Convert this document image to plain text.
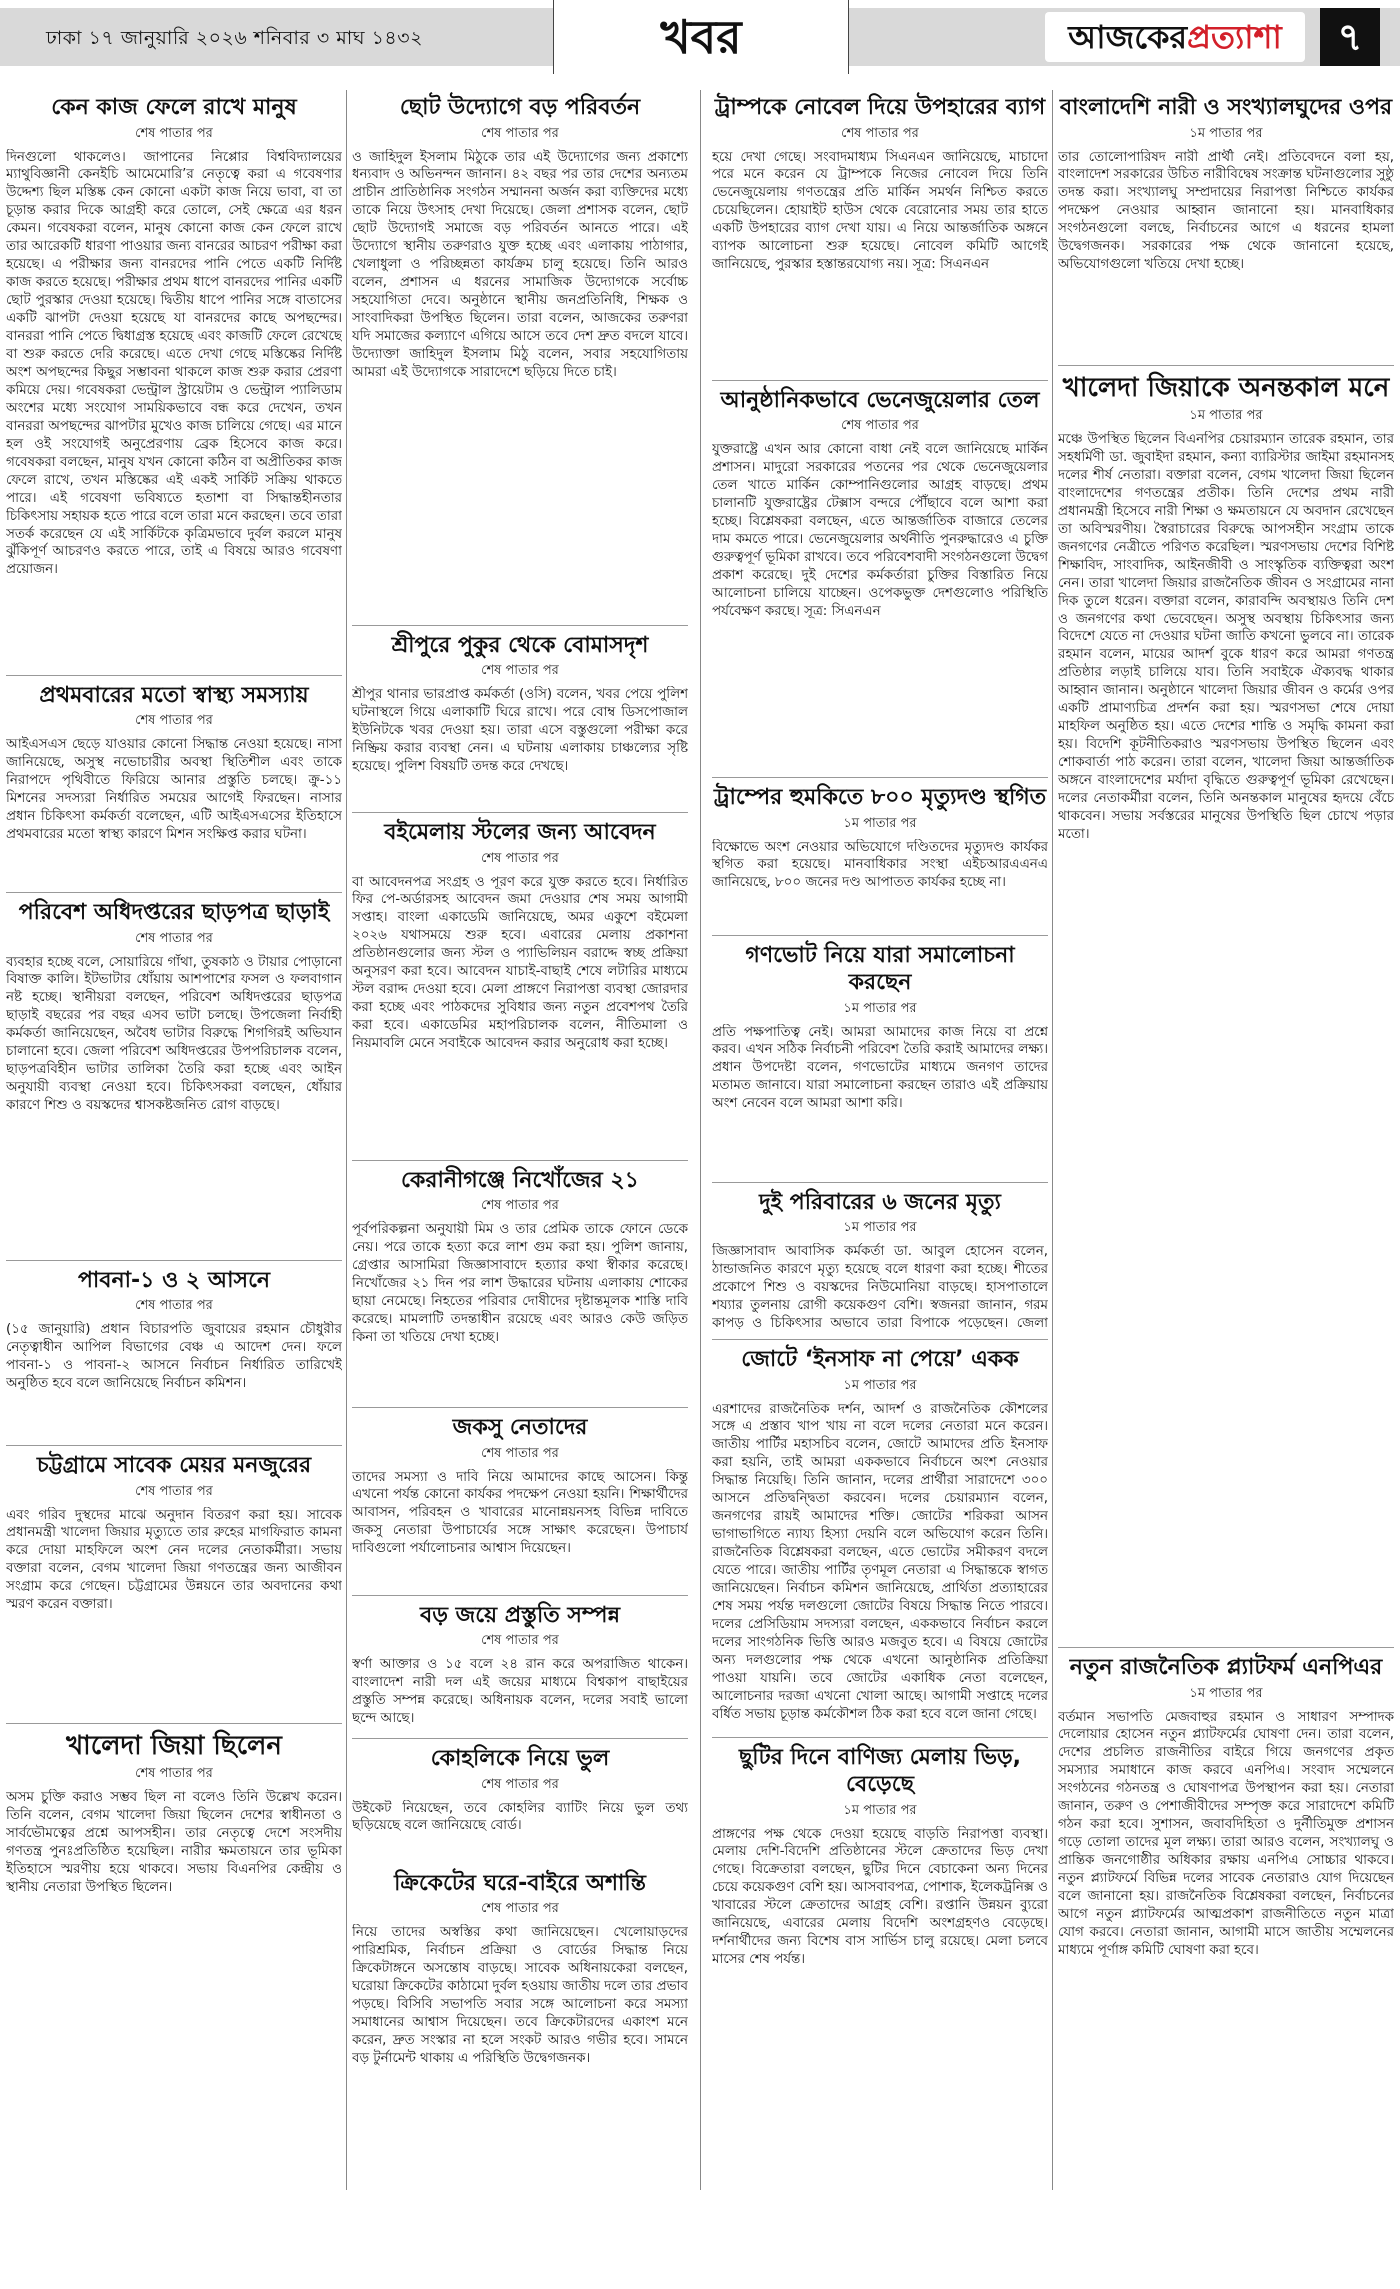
ঢাকা ১৭ জানুয়ারি ২০২৬ শনিবার ৩ মাঘ ১৪৩২	খবর	আজকেরপ্রত্যাশা	৭
কেন কাজ ফেলে রাখে মানুষ
শেষ পাতার পর

দিনগুলো থাকলেও। জাপানের নিপ্পোর বিশ্ববিদ্যালয়ের ম্যাথুবিজ্ঞানী কেনইচি আমেমোরি’র নেতৃত্বে করা এ গবেষণার উদ্দেশ্য ছিল মস্তিষ্ক কেন কোনো একটা কাজ নিয়ে ভাবা, বা তা চূড়ান্ত করার দিকে আগ্রহী করে তোলে, সেই ক্ষেত্রে এর ধরন কেমন। গবেষকরা বলেন, মানুষ কোনো কাজ কেন ফেলে রাখে তার আরেকটি ধারণা পাওয়ার জন্য বানরের আচরণ পরীক্ষা করা হয়েছে। এ পরীক্ষার জন্য বানরদের পানি পেতে একটি নির্দিষ্ট কাজ করতে হয়েছে। পরীক্ষার প্রথম ধাপে বানরদের পানির একটি ছোট পুরস্কার দেওয়া হয়েছে। দ্বিতীয় ধাপে পানির সঙ্গে বাতাসের একটি ঝাপটা দেওয়া হয়েছে যা বানরদের কাছে অপছন্দের। বানররা পানি পেতে দ্বিধাগ্রস্ত হয়েছে এবং কাজটি ফেলে রেখেছে বা শুরু করতে দেরি করেছে। এতে দেখা গেছে মস্তিষ্কের নির্দিষ্ট অংশ অপছন্দের কিছুর সম্ভাবনা থাকলে কাজ শুরু করার প্রেরণা কমিয়ে দেয়। গবেষকরা ভেন্ট্রাল স্ট্রায়েটাম ও ভেন্ট্রাল প্যালিডাম অংশের মধ্যে সংযোগ সাময়িকভাবে বন্ধ করে দেখেন, তখন বানররা অপছন্দের ঝাপটার মুখেও কাজ চালিয়ে গেছে। এর মানে হল ওই সংযোগই অনুপ্রেরণায় ব্রেক হিসেবে কাজ করে। গবেষকরা বলছেন, মানুষ যখন কোনো কঠিন বা অপ্রীতিকর কাজ ফেলে রাখে, তখন মস্তিষ্কের এই একই সার্কিট সক্রিয় থাকতে পারে। এই গবেষণা ভবিষ্যতে হতাশা বা সিদ্ধান্তহীনতার চিকিৎসায় সহায়ক হতে পারে বলে তারা মনে করছেন। তবে তারা সতর্ক করেছেন যে এই সার্কিটকে কৃত্রিমভাবে দুর্বল করলে মানুষ ঝুঁকিপূর্ণ আচরণও করতে পারে, তাই এ বিষয়ে আরও গবেষণা প্রয়োজন।

প্রথমবারের মতো স্বাস্থ্য সমস্যায়
শেষ পাতার পর

আইএসএস ছেড়ে যাওয়ার কোনো সিদ্ধান্ত নেওয়া হয়েছে। নাসা জানিয়েছে, অসুস্থ নভোচারীর অবস্থা স্থিতিশীল এবং তাকে নিরাপদে পৃথিবীতে ফিরিয়ে আনার প্রস্তুতি চলছে। ক্রু-১১ মিশনের সদস্যরা নির্ধারিত সময়ের আগেই ফিরছেন। নাসার প্রধান চিকিৎসা কর্মকর্তা বলেছেন, এটি আইএসএসের ইতিহাসে প্রথমবারের মতো স্বাস্থ্য কারণে মিশন সংক্ষিপ্ত করার ঘটনা।

পরিবেশ অধিদপ্তরের ছাড়পত্র ছাড়াই
শেষ পাতার পর

ব্যবহার হচ্ছে বলে, সোয়ারিয়ে গাঁথা, তুষকাঠ ও টায়ার পোড়ানো বিষাক্ত কালি। ইটভাটার ধোঁয়ায় আশপাশের ফসল ও ফলবাগান নষ্ট হচ্ছে। স্থানীয়রা বলছেন, পরিবেশ অধিদপ্তরের ছাড়পত্র ছাড়াই বছরের পর বছর এসব ভাটা চলছে। উপজেলা নির্বাহী কর্মকর্তা জানিয়েছেন, অবৈধ ভাটার বিরুদ্ধে শিগগিরই অভিযান চালানো হবে। জেলা পরিবেশ অধিদপ্তরের উপপরিচালক বলেন, ছাড়পত্রবিহীন ভাটার তালিকা তৈরি করা হচ্ছে এবং আইন অনুযায়ী ব্যবস্থা নেওয়া হবে। চিকিৎসকরা বলছেন, ধোঁয়ার কারণে শিশু ও বয়স্কদের শ্বাসকষ্টজনিত রোগ বাড়ছে।

পাবনা-১ ও ২ আসনে
শেষ পাতার পর

(১৫ জানুয়ারি) প্রধান বিচারপতি জুবায়ের রহমান চৌধুরীর নেতৃত্বাধীন আপিল বিভাগের বেঞ্চ এ আদেশ দেন। ফলে পাবনা-১ ও পাবনা-২ আসনে নির্বাচন নির্ধারিত তারিখেই অনুষ্ঠিত হবে বলে জানিয়েছে নির্বাচন কমিশন।

চট্টগ্রামে সাবেক মেয়র মনজুরের
শেষ পাতার পর

এবং গরিব দুস্থদের মাঝে অনুদান বিতরণ করা হয়। সাবেক প্রধানমন্ত্রী খালেদা জিয়ার মৃত্যুতে তার রুহের মাগফিরাত কামনা করে দোয়া মাহফিলে অংশ নেন দলের নেতাকর্মীরা। সভায় বক্তারা বলেন, বেগম খালেদা জিয়া গণতন্ত্রের জন্য আজীবন সংগ্রাম করে গেছেন। চট্টগ্রামের উন্নয়নে তার অবদানের কথা স্মরণ করেন বক্তারা।

খালেদা জিয়া ছিলেন
শেষ পাতার পর

অসম চুক্তি করাও সম্ভব ছিল না বলেও তিনি উল্লেখ করেন। তিনি বলেন, বেগম খালেদা জিয়া ছিলেন দেশের স্বাধীনতা ও সার্বভৌমত্বের প্রশ্নে আপসহীন। তার নেতৃত্বে দেশে সংসদীয় গণতন্ত্র পুনঃপ্রতিষ্ঠিত হয়েছিল। নারীর ক্ষমতায়নে তার ভূমিকা ইতিহাসে স্মরণীয় হয়ে থাকবে। সভায় বিএনপির কেন্দ্রীয় ও স্থানীয় নেতারা উপস্থিত ছিলেন।

ছোট উদ্যোগে বড় পরিবর্তন
শেষ পাতার পর

ও জাহিদুল ইসলাম মিঠুকে তার এই উদ্যোগের জন্য প্রকাশ্যে ধন্যবাদ ও অভিনন্দন জানান। ৪২ বছর পর তার দেশের অন্যতম প্রাচীন প্রাতিষ্ঠানিক সংগঠন সম্মাননা অর্জন করা ব্যক্তিদের মধ্যে তাকে নিয়ে উৎসাহ দেখা দিয়েছে। জেলা প্রশাসক বলেন, ছোট ছোট উদ্যোগই সমাজে বড় পরিবর্তন আনতে পারে। এই উদ্যোগে স্থানীয় তরুণরাও যুক্ত হচ্ছে এবং এলাকায় পাঠাগার, খেলাধুলা ও পরিচ্ছন্নতা কার্যক্রম চালু হয়েছে। তিনি আরও বলেন, প্রশাসন এ ধরনের সামাজিক উদ্যোগকে সর্বোচ্চ সহযোগিতা দেবে। অনুষ্ঠানে স্থানীয় জনপ্রতিনিধি, শিক্ষক ও সাংবাদিকরা উপস্থিত ছিলেন। তারা বলেন, আজকের তরুণরা যদি সমাজের কল্যাণে এগিয়ে আসে তবে দেশ দ্রুত বদলে যাবে। উদ্যোক্তা জাহিদুল ইসলাম মিঠু বলেন, সবার সহযোগিতায় আমরা এই উদ্যোগকে সারাদেশে ছড়িয়ে দিতে চাই।

শ্রীপুরে পুকুর থেকে বোমাসদৃশ
শেষ পাতার পর

শ্রীপুর থানার ভারপ্রাপ্ত কর্মকর্তা (ওসি) বলেন, খবর পেয়ে পুলিশ ঘটনাস্থলে গিয়ে এলাকাটি ঘিরে রাখে। পরে বোম্ব ডিসপোজাল ইউনিটকে খবর দেওয়া হয়। তারা এসে বস্তুগুলো পরীক্ষা করে নিষ্ক্রিয় করার ব্যবস্থা নেন। এ ঘটনায় এলাকায় চাঞ্চল্যের সৃষ্টি হয়েছে। পুলিশ বিষয়টি তদন্ত করে দেখছে।

বইমেলায় স্টলের জন্য আবেদন
শেষ পাতার পর

বা আবেদনপত্র সংগ্রহ ও পূরণ করে যুক্ত করতে হবে। নির্ধারিত ফির পে-অর্ডারসহ আবেদন জমা দেওয়ার শেষ সময় আগামী সপ্তাহ। বাংলা একাডেমি জানিয়েছে, অমর একুশে বইমেলা ২০২৬ যথাসময়ে শুরু হবে। এবারের মেলায় প্রকাশনা প্রতিষ্ঠানগুলোর জন্য স্টল ও প্যাভিলিয়ন বরাদ্দে স্বচ্ছ প্রক্রিয়া অনুসরণ করা হবে। আবেদন যাচাই-বাছাই শেষে লটারির মাধ্যমে স্টল বরাদ্দ দেওয়া হবে। মেলা প্রাঙ্গণে নিরাপত্তা ব্যবস্থা জোরদার করা হচ্ছে এবং পাঠকদের সুবিধার জন্য নতুন প্রবেশপথ তৈরি করা হবে। একাডেমির মহাপরিচালক বলেন, নীতিমালা ও নিয়মাবলি মেনে সবাইকে আবেদন করার অনুরোধ করা হচ্ছে।

কেরানীগঞ্জে নিখোঁজের ২১
শেষ পাতার পর

পূর্বপরিকল্পনা অনুযায়ী মিম ও তার প্রেমিক তাকে ফোনে ডেকে নেয়। পরে তাকে হত্যা করে লাশ গুম করা হয়। পুলিশ জানায়, গ্রেপ্তার আসামিরা জিজ্ঞাসাবাদে হত্যার কথা স্বীকার করেছে। নিখোঁজের ২১ দিন পর লাশ উদ্ধারের ঘটনায় এলাকায় শোকের ছায়া নেমেছে। নিহতের পরিবার দোষীদের দৃষ্টান্তমূলক শাস্তি দাবি করেছে। মামলাটি তদন্তাধীন রয়েছে এবং আরও কেউ জড়িত কিনা তা খতিয়ে দেখা হচ্ছে।

জকসু নেতাদের
শেষ পাতার পর

তাদের সমস্যা ও দাবি নিয়ে আমাদের কাছে আসেন। কিন্তু এখনো পর্যন্ত কোনো কার্যকর পদক্ষেপ নেওয়া হয়নি। শিক্ষার্থীদের আবাসন, পরিবহন ও খাবারের মানোন্নয়নসহ বিভিন্ন দাবিতে জকসু নেতারা উপাচার্যের সঙ্গে সাক্ষাৎ করেছেন। উপাচার্য দাবিগুলো পর্যালোচনার আশ্বাস দিয়েছেন।

বড় জয়ে প্রস্তুতি সম্পন্ন
শেষ পাতার পর

স্বর্ণা আক্তার ও ১৫ বলে ২৪ রান করে অপরাজিত থাকেন। বাংলাদেশ নারী দল এই জয়ের মাধ্যমে বিশ্বকাপ বাছাইয়ের প্রস্তুতি সম্পন্ন করেছে। অধিনায়ক বলেন, দলের সবাই ভালো ছন্দে আছে।

কোহলিকে নিয়ে ভুল
শেষ পাতার পর

উইকেট নিয়েছেন, তবে কোহলির ব্যাটিং নিয়ে ভুল তথ্য ছড়িয়েছে বলে জানিয়েছে বোর্ড।

ক্রিকেটের ঘরে-বাইরে অশান্তি
শেষ পাতার পর

নিয়ে তাদের অস্বস্তির কথা জানিয়েছেন। খেলোয়াড়দের পারিশ্রমিক, নির্বাচন প্রক্রিয়া ও বোর্ডের সিদ্ধান্ত নিয়ে ক্রিকেটাঙ্গনে অসন্তোষ বাড়ছে। সাবেক অধিনায়কেরা বলছেন, ঘরোয়া ক্রিকেটের কাঠামো দুর্বল হওয়ায় জাতীয় দলে তার প্রভাব পড়ছে। বিসিবি সভাপতি সবার সঙ্গে আলোচনা করে সমস্যা সমাধানের আশ্বাস দিয়েছেন। তবে ক্রিকেটারদের একাংশ মনে করেন, দ্রুত সংস্কার না হলে সংকট আরও গভীর হবে। সামনে বড় টুর্নামেন্ট থাকায় এ পরিস্থিতি উদ্বেগজনক।

ট্রাম্পকে নোবেল দিয়ে উপহারের ব্যাগ
শেষ পাতার পর

হয়ে দেখা গেছে। সংবাদমাধ্যম সিএনএন জানিয়েছে, মাচাদো পরে মনে করেন যে ট্রাম্পকে নিজের নোবেল দিয়ে তিনি ভেনেজুয়েলায় গণতন্ত্রের প্রতি মার্কিন সমর্থন নিশ্চিত করতে চেয়েছিলেন। হোয়াইট হাউস থেকে বেরোনোর সময় তার হাতে একটি উপহারের ব্যাগ দেখা যায়। এ নিয়ে আন্তর্জাতিক অঙ্গনে ব্যাপক আলোচনা শুরু হয়েছে। নোবেল কমিটি আগেই জানিয়েছে, পুরস্কার হস্তান্তরযোগ্য নয়। সূত্র: সিএনএন

আনুষ্ঠানিকভাবে ভেনেজুয়েলার তেল
শেষ পাতার পর

যুক্তরাষ্ট্রে এখন আর কোনো বাধা নেই বলে জানিয়েছে মার্কিন প্রশাসন। মাদুরো সরকারের পতনের পর থেকে ভেনেজুয়েলার তেল খাতে মার্কিন কোম্পানিগুলোর আগ্রহ বাড়ছে। প্রথম চালানটি যুক্তরাষ্ট্রের টেক্সাস বন্দরে পৌঁছাবে বলে আশা করা হচ্ছে। বিশ্লেষকরা বলছেন, এতে আন্তর্জাতিক বাজারে তেলের দাম কমতে পারে। ভেনেজুয়েলার অর্থনীতি পুনরুদ্ধারেও এ চুক্তি গুরুত্বপূর্ণ ভূমিকা রাখবে। তবে পরিবেশবাদী সংগঠনগুলো উদ্বেগ প্রকাশ করেছে। দুই দেশের কর্মকর্তারা চুক্তির বিস্তারিত নিয়ে আলোচনা চালিয়ে যাচ্ছেন। ওপেকভুক্ত দেশগুলোও পরিস্থিতি পর্যবেক্ষণ করছে। সূত্র: সিএনএন

ট্রাম্পের হুমকিতে ৮০০ মৃত্যুদণ্ড স্থগিত
১ম পাতার পর

বিক্ষোভে অংশ নেওয়ার অভিযোগে দণ্ডিতদের মৃত্যুদণ্ড কার্যকর স্থগিত করা হয়েছে। মানবাধিকার সংস্থা এইচআরএএনএ জানিয়েছে, ৮০০ জনের দণ্ড আপাতত কার্যকর হচ্ছে না।

গণভোট নিয়ে যারা সমালোচনা করছেন
১ম পাতার পর

প্রতি পক্ষপাতিত্ব নেই। আমরা আমাদের কাজ নিয়ে বা প্রশ্নে করব। এখন সঠিক নির্বাচনী পরিবেশ তৈরি করাই আমাদের লক্ষ্য। প্রধান উপদেষ্টা বলেন, গণভোটের মাধ্যমে জনগণ তাদের মতামত জানাবে। যারা সমালোচনা করছেন তারাও এই প্রক্রিয়ায় অংশ নেবেন বলে আমরা আশা করি।

দুই পরিবারের ৬ জনের মৃত্যু
১ম পাতার পর

জিজ্ঞাসাবাদ আবাসিক কর্মকর্তা ডা. আবুল হোসেন বলেন, ঠান্ডাজনিত কারণে মৃত্যু হয়েছে বলে ধারণা করা হচ্ছে। শীতের প্রকোপে শিশু ও বয়স্কদের নিউমোনিয়া বাড়ছে। হাসপাতালে শয্যার তুলনায় রোগী কয়েকগুণ বেশি। স্বজনরা জানান, গরম কাপড় ও চিকিৎসার অভাবে তারা বিপাকে পড়েছেন। জেলা

জোটে ‘ইনসাফ না পেয়ে’ একক
১ম পাতার পর

এরশাদের রাজনৈতিক দর্শন, আদর্শ ও রাজনৈতিক কৌশলের সঙ্গে এ প্রস্তাব খাপ খায় না বলে দলের নেতারা মনে করেন। জাতীয় পার্টির মহাসচিব বলেন, জোটে আমাদের প্রতি ইনসাফ করা হয়নি, তাই আমরা এককভাবে নির্বাচনে অংশ নেওয়ার সিদ্ধান্ত নিয়েছি। তিনি জানান, দলের প্রার্থীরা সারাদেশে ৩০০ আসনে প্রতিদ্বন্দ্বিতা করবেন। দলের চেয়ারম্যান বলেন, জনগণের রায়ই আমাদের শক্তি। জোটের শরিকরা আসন ভাগাভাগিতে ন্যায্য হিস্যা দেয়নি বলে অভিযোগ করেন তিনি। রাজনৈতিক বিশ্লেষকরা বলছেন, এতে ভোটের সমীকরণ বদলে যেতে পারে। জাতীয় পার্টির তৃণমূল নেতারা এ সিদ্ধান্তকে স্বাগত জানিয়েছেন। নির্বাচন কমিশন জানিয়েছে, প্রার্থিতা প্রত্যাহারের শেষ সময় পর্যন্ত দলগুলো জোটের বিষয়ে সিদ্ধান্ত নিতে পারবে। দলের প্রেসিডিয়াম সদস্যরা বলছেন, এককভাবে নির্বাচন করলে দলের সাংগঠনিক ভিত্তি আরও মজবুত হবে। এ বিষয়ে জোটের অন্য দলগুলোর পক্ষ থেকে এখনো আনুষ্ঠানিক প্রতিক্রিয়া পাওয়া যায়নি। তবে জোটের একাধিক নেতা বলেছেন, আলোচনার দরজা এখনো খোলা আছে। আগামী সপ্তাহে দলের বর্ধিত সভায় চূড়ান্ত কর্মকৌশল ঠিক করা হবে বলে জানা গেছে।

ছুটির দিনে বাণিজ্য মেলায় ভিড়, বেড়েছে
১ম পাতার পর

প্রাঙ্গণের পক্ষ থেকে দেওয়া হয়েছে বাড়তি নিরাপত্তা ব্যবস্থা। মেলায় দেশি-বিদেশি প্রতিষ্ঠানের স্টলে ক্রেতাদের ভিড় দেখা গেছে। বিক্রেতারা বলছেন, ছুটির দিনে বেচাকেনা অন্য দিনের চেয়ে কয়েকগুণ বেশি হয়। আসবাবপত্র, পোশাক, ইলেকট্রনিক্স ও খাবারের স্টলে ক্রেতাদের আগ্রহ বেশি। রপ্তানি উন্নয়ন ব্যুরো জানিয়েছে, এবারের মেলায় বিদেশি অংশগ্রহণও বেড়েছে। দর্শনার্থীদের জন্য বিশেষ বাস সার্ভিস চালু রয়েছে। মেলা চলবে মাসের শেষ পর্যন্ত।

বাংলাদেশি নারী ও সংখ্যালঘুদের ওপর
১ম পাতার পর

তার তোলোপারিষদ নারী প্রার্থী নেই। প্রতিবেদনে বলা হয়, বাংলাদেশ সরকারের উচিত নারীবিদ্বেষ সংক্রান্ত ঘটনাগুলোর সুষ্ঠু তদন্ত করা। সংখ্যালঘু সম্প্রদায়ের নিরাপত্তা নিশ্চিতে কার্যকর পদক্ষেপ নেওয়ার আহ্বান জানানো হয়। মানবাধিকার সংগঠনগুলো বলছে, নির্বাচনের আগে এ ধরনের হামলা উদ্বেগজনক। সরকারের পক্ষ থেকে জানানো হয়েছে, অভিযোগগুলো খতিয়ে দেখা হচ্ছে।

খালেদা জিয়াকে অনন্তকাল মনে
১ম পাতার পর

মঞ্চে উপস্থিত ছিলেন বিএনপির চেয়ারম্যান তারেক রহমান, তার সহধর্মিণী ডা. জুবাইদা রহমান, কন্যা ব্যারিস্টার জাইমা রহমানসহ দলের শীর্ষ নেতারা। বক্তারা বলেন, বেগম খালেদা জিয়া ছিলেন বাংলাদেশের গণতন্ত্রের প্রতীক। তিনি দেশের প্রথম নারী প্রধানমন্ত্রী হিসেবে নারী শিক্ষা ও ক্ষমতায়নে যে অবদান রেখেছেন তা অবিস্মরণীয়। স্বৈরাচারের বিরুদ্ধে আপসহীন সংগ্রাম তাকে জনগণের নেত্রীতে পরিণত করেছিল। স্মরণসভায় দেশের বিশিষ্ট শিক্ষাবিদ, সাংবাদিক, আইনজীবী ও সাংস্কৃতিক ব্যক্তিত্বরা অংশ নেন। তারা খালেদা জিয়ার রাজনৈতিক জীবন ও সংগ্রামের নানা দিক তুলে ধরেন। বক্তারা বলেন, কারাবন্দি অবস্থায়ও তিনি দেশ ও জনগণের কথা ভেবেছেন। অসুস্থ অবস্থায় চিকিৎসার জন্য বিদেশে যেতে না দেওয়ার ঘটনা জাতি কখনো ভুলবে না। তারেক রহমান বলেন, মায়ের আদর্শ বুকে ধারণ করে আমরা গণতন্ত্র প্রতিষ্ঠার লড়াই চালিয়ে যাব। তিনি সবাইকে ঐক্যবদ্ধ থাকার আহ্বান জানান। অনুষ্ঠানে খালেদা জিয়ার জীবন ও কর্মের ওপর একটি প্রামাণ্যচিত্র প্রদর্শন করা হয়। স্মরণসভা শেষে দোয়া মাহফিল অনুষ্ঠিত হয়। এতে দেশের শান্তি ও সমৃদ্ধি কামনা করা হয়। বিদেশি কূটনীতিকরাও স্মরণসভায় উপস্থিত ছিলেন এবং শোকবার্তা পাঠ করেন। তারা বলেন, খালেদা জিয়া আন্তর্জাতিক অঙ্গনে বাংলাদেশের মর্যাদা বৃদ্ধিতে গুরুত্বপূর্ণ ভূমিকা রেখেছেন। দলের নেতাকর্মীরা বলেন, তিনি অনন্তকাল মানুষের হৃদয়ে বেঁচে থাকবেন। সভায় সর্বস্তরের মানুষের উপস্থিতি ছিল চোখে পড়ার মতো।

নতুন রাজনৈতিক প্ল্যাটফর্ম এনপিএর
১ম পাতার পর

বর্তমান সভাপতি মেজবাহুর রহমান ও সাধারণ সম্পাদক দেলোয়ার হোসেন নতুন প্ল্যাটফর্মের ঘোষণা দেন। তারা বলেন, দেশের প্রচলিত রাজনীতির বাইরে গিয়ে জনগণের প্রকৃত সমস্যার সমাধানে কাজ করবে এনপিএ। সংবাদ সম্মেলনে সংগঠনের গঠনতন্ত্র ও ঘোষণাপত্র উপস্থাপন করা হয়। নেতারা জানান, তরুণ ও পেশাজীবীদের সম্পৃক্ত করে সারাদেশে কমিটি গঠন করা হবে। সুশাসন, জবাবদিহিতা ও দুর্নীতিমুক্ত প্রশাসন গড়ে তোলা তাদের মূল লক্ষ্য। তারা আরও বলেন, সংখ্যালঘু ও প্রান্তিক জনগোষ্ঠীর অধিকার রক্ষায় এনপিএ সোচ্চার থাকবে। নতুন প্ল্যাটফর্মে বিভিন্ন দলের সাবেক নেতারাও যোগ দিয়েছেন বলে জানানো হয়। রাজনৈতিক বিশ্লেষকরা বলছেন, নির্বাচনের আগে নতুন প্ল্যাটফর্মের আত্মপ্রকাশ রাজনীতিতে নতুন মাত্রা যোগ করবে। নেতারা জানান, আগামী মাসে জাতীয় সম্মেলনের মাধ্যমে পূর্ণাঙ্গ কমিটি ঘোষণা করা হবে।
